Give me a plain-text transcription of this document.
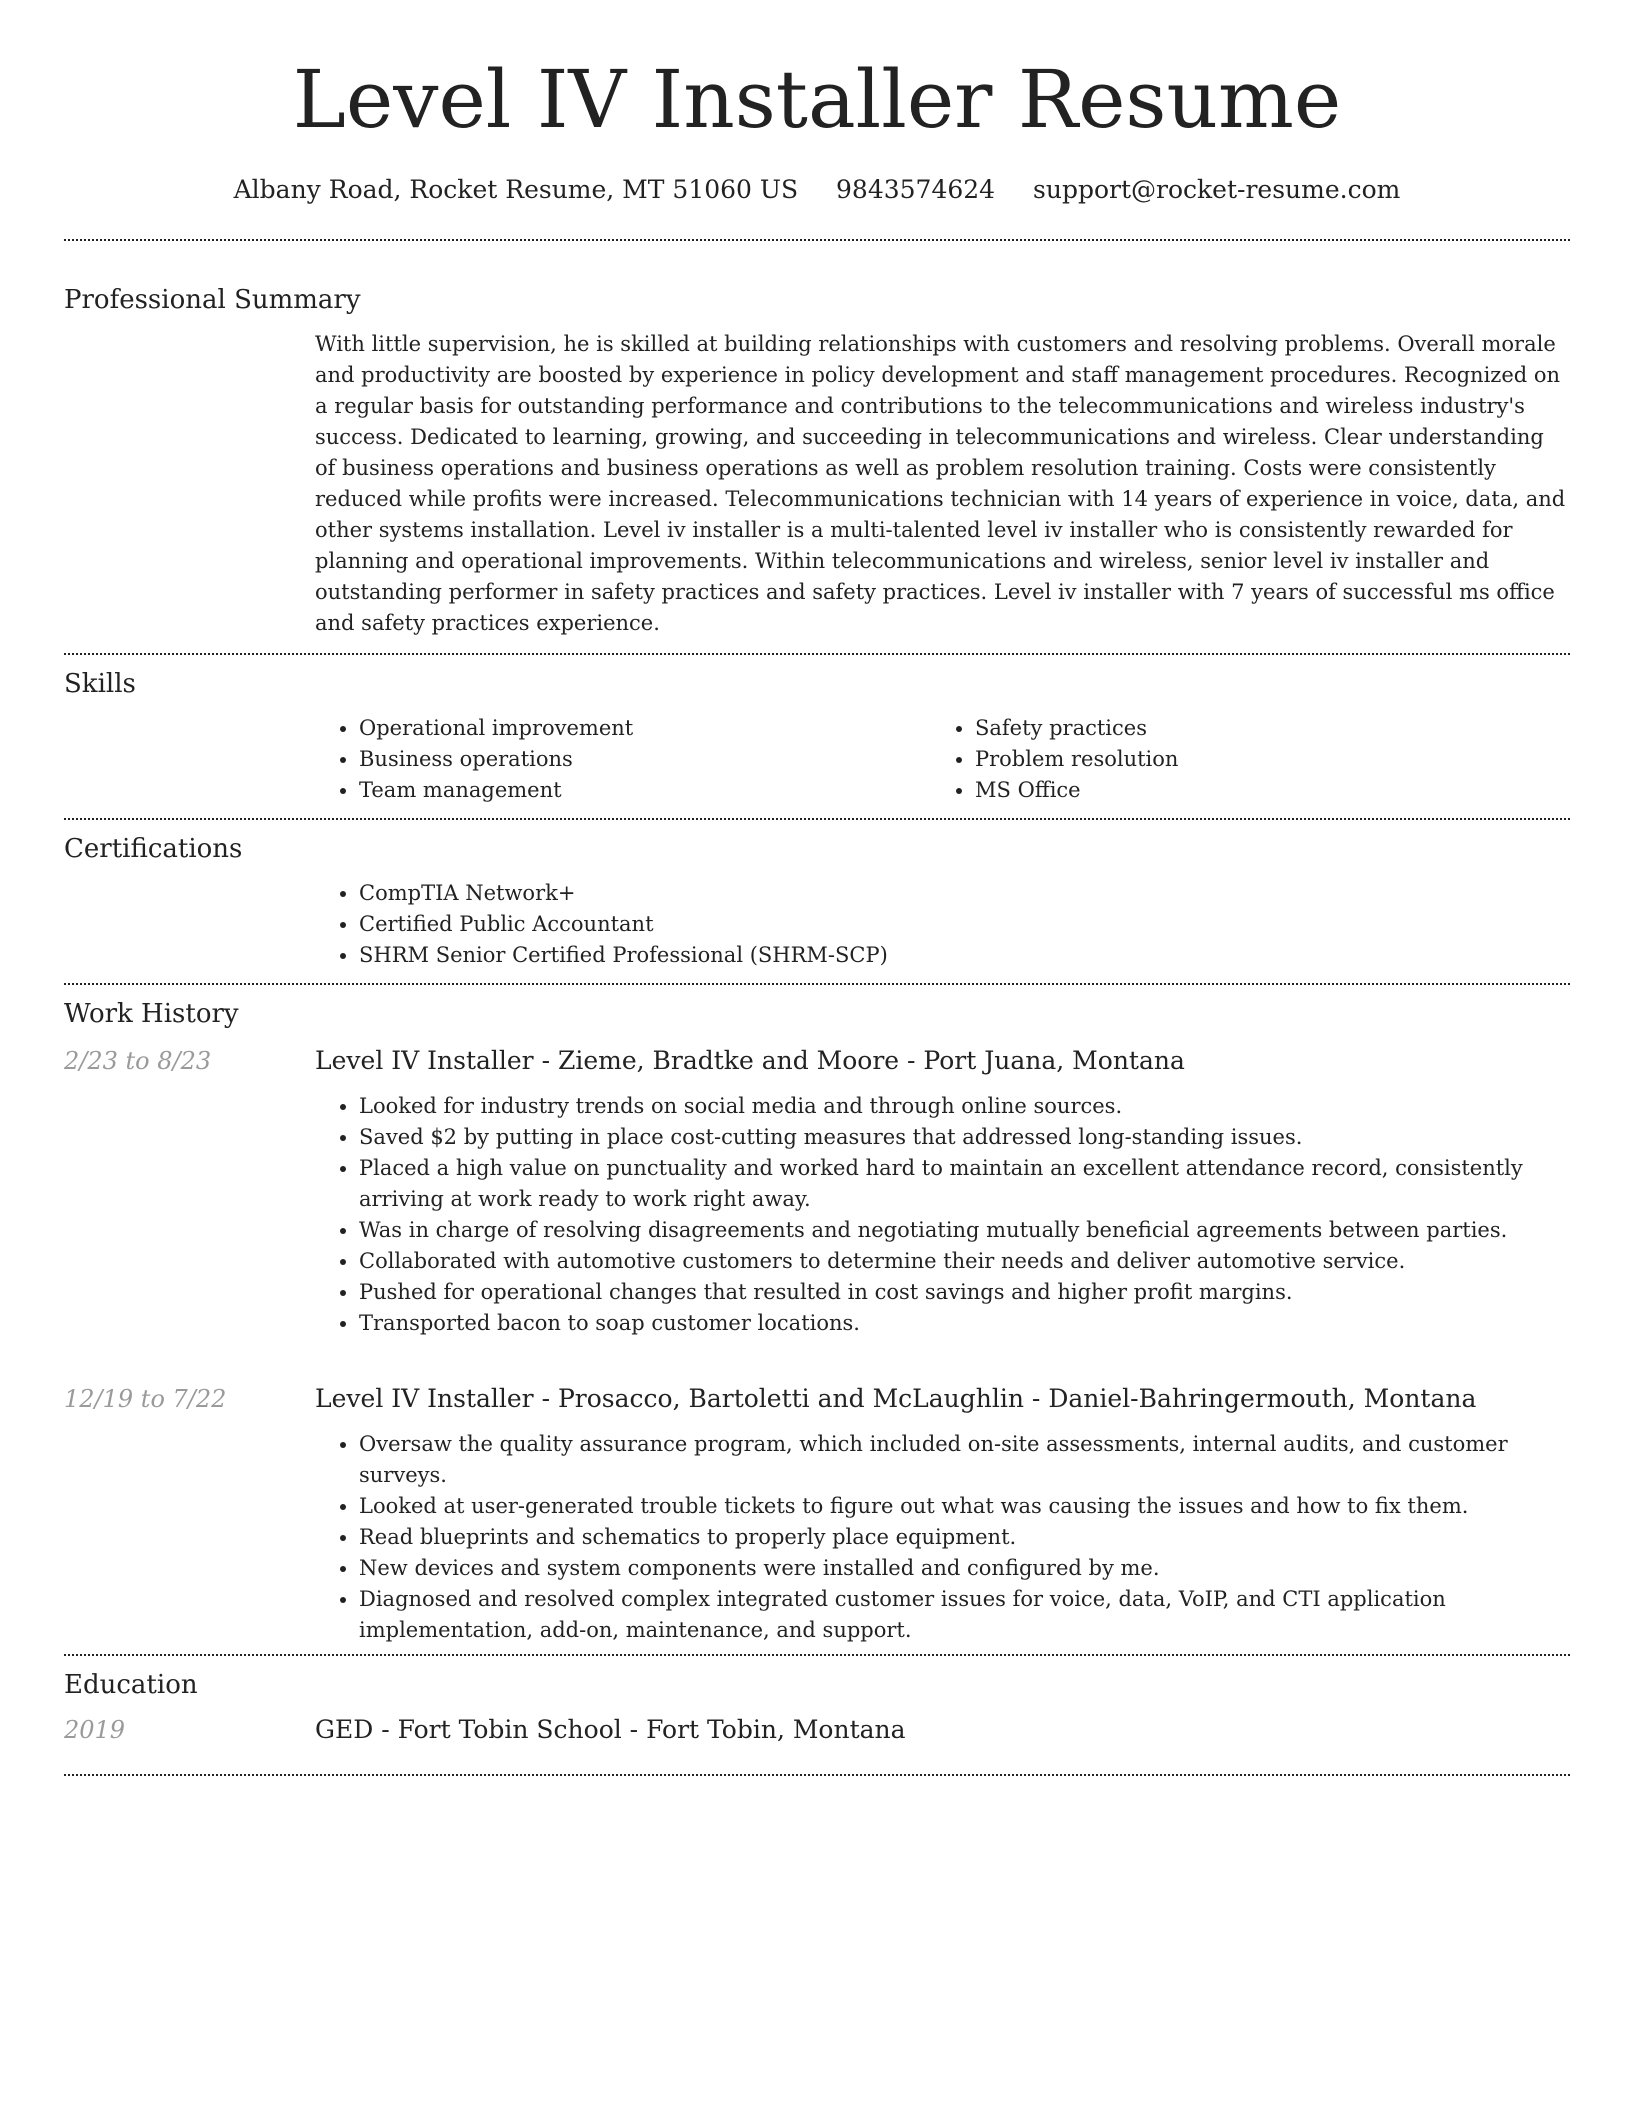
Level IV Installer Resume
Albany Road, Rocket Resume, MT 51060 US 9843574624 support@rocket-resume.com
Professional Summary
With little supervision, he is skilled at building relationships with customers and resolving problems. Overall morale and productivity are boosted by experience in policy development and staff management procedures. Recognized on a regular basis for outstanding performance and contributions to the telecommunications and wireless industry's success. Dedicated to learning, growing, and succeeding in telecommunications and wireless. Clear understanding of business operations and business operations as well as problem resolution training. Costs were consistently reduced while profits were increased. Telecommunications technician with 14 years of experience in voice, data, and other systems installation. Level iv installer is a multi-talented level iv installer who is consistently rewarded for planning and operational improvements. Within telecommunications and wireless, senior level iv installer and outstanding performer in safety practices and safety practices. Level iv installer with 7 years of successful ms office and safety practices experience.
Skills
• Operational improvement
• Business operations
• Team management
• Safety practices
• Problem resolution
• MS Office
Certifications
• CompTIA Network+
• Certified Public Accountant
• SHRM Senior Certified Professional (SHRM-SCP)
Work History
2/23 to 8/23	Level IV Installer - Zieme, Bradtke and Moore - Port Juana, Montana
• Looked for industry trends on social media and through online sources.
• Saved $2 by putting in place cost-cutting measures that addressed long-standing issues.
• Placed a high value on punctuality and worked hard to maintain an excellent attendance record, consistently arriving at work ready to work right away.
• Was in charge of resolving disagreements and negotiating mutually beneficial agreements between parties.
• Collaborated with automotive customers to determine their needs and deliver automotive service.
• Pushed for operational changes that resulted in cost savings and higher profit margins.
• Transported bacon to soap customer locations.
12/19 to 7/22	Level IV Installer - Prosacco, Bartoletti and McLaughlin - Daniel-Bahringermouth, Montana
• Oversaw the quality assurance program, which included on-site assessments, internal audits, and customer surveys.
• Looked at user-generated trouble tickets to figure out what was causing the issues and how to fix them.
• Read blueprints and schematics to properly place equipment.
• New devices and system components were installed and configured by me.
• Diagnosed and resolved complex integrated customer issues for voice, data, VoIP, and CTI application implementation, add-on, maintenance, and support.
Education
2019	GED - Fort Tobin School - Fort Tobin, Montana
